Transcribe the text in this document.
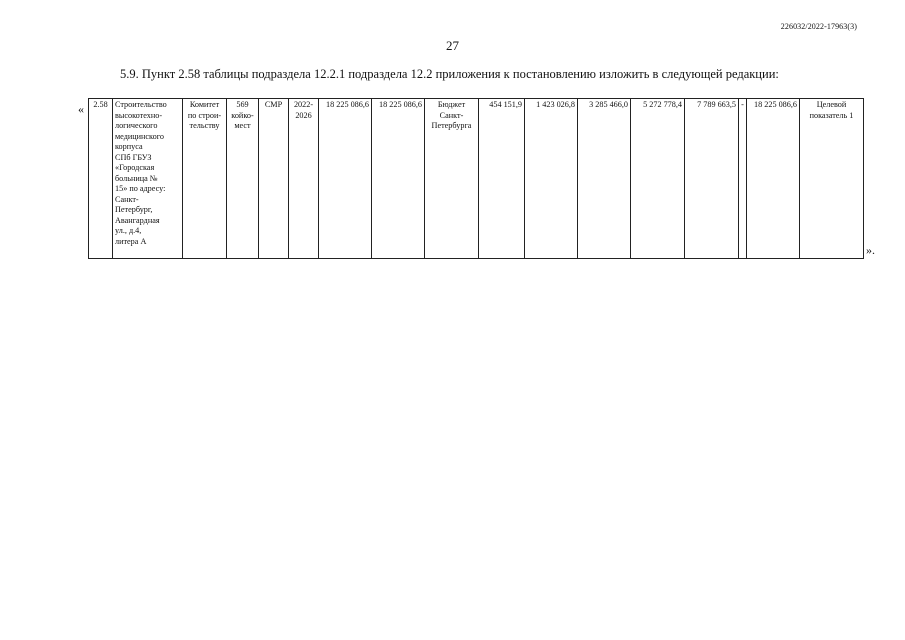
226032/2022-17963(3)
27
5.9. Пункт 2.58 таблицы подраздела 12.2.1 подраздела 12.2 приложения к постановлению изложить в следующей редакции:
«
».
2.58	Строительство
высокотехно-
логического
медицинского
корпуса
СПб ГБУЗ
«Городская
больница №
15» по адресу:
Санкт-
Петербург,
Авангардная
ул., д.4,
литера А	Комитет
по строи-
тельству	569
койко-
мест	СМР	2022-
2026	18 225 086,6	18 225 086,6	Бюджет
Санкт-
Петербурга	454 151,9	1 423 026,8	3 285 466,0	5 272 778,4	7 789 663,5	-	18 225 086,6	Целевой
показатель 1
